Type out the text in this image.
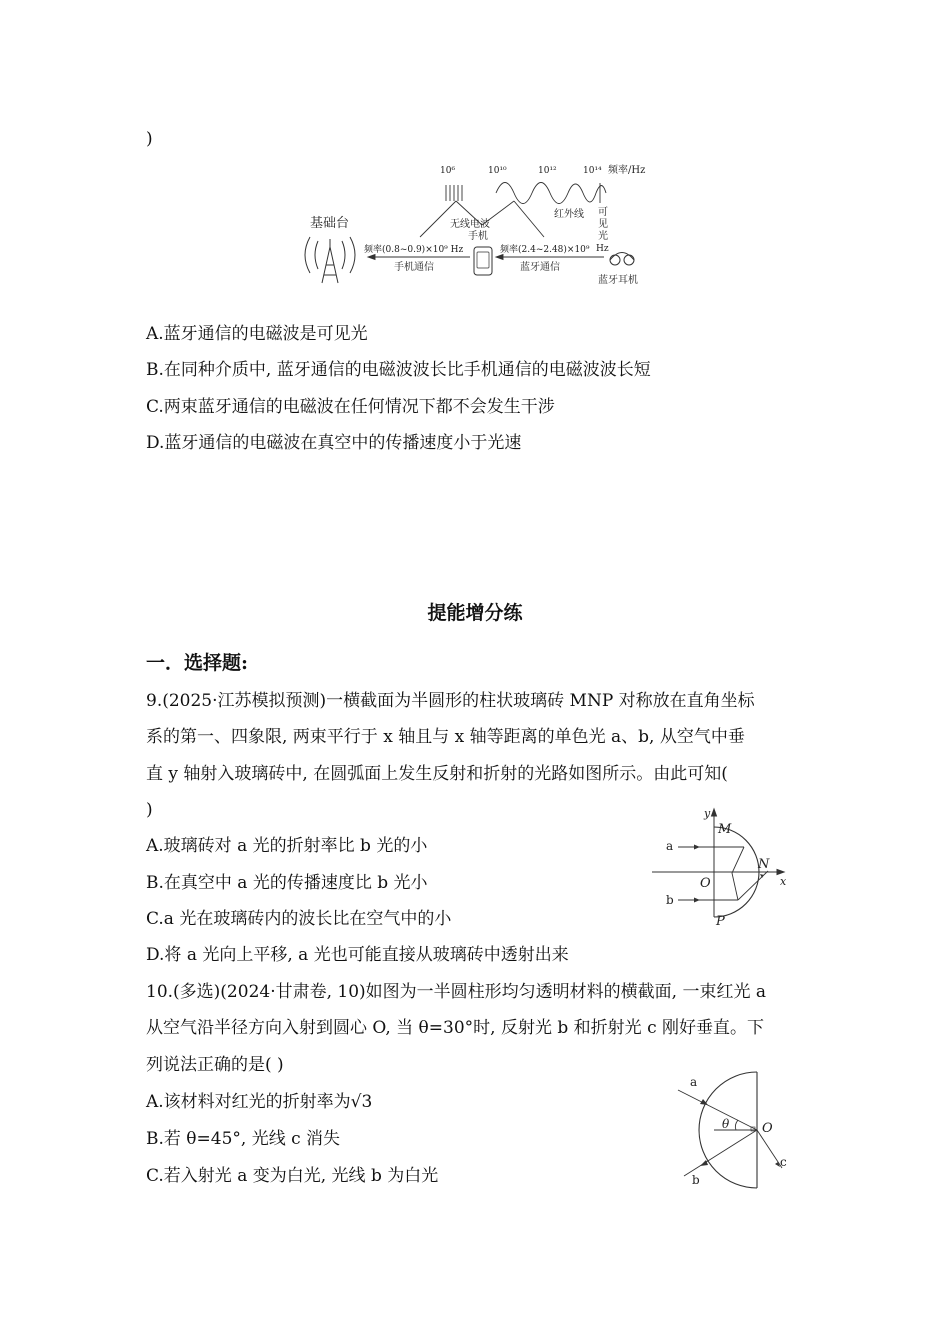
)
10⁶	10¹⁰	10¹²	10¹⁴ 频率/Hz
红外线 可
见
光
Hz
无线电波
手机
基础台
频率(0.8~0.9)×10⁹ Hz	频率(2.4~2.48)×10⁹
手机通信	蓝牙通信
蓝牙耳机
A.蓝牙通信的电磁波是可见光
B.在同种介质中, 蓝牙通信的电磁波波长比手机通信的电磁波波长短
C.两束蓝牙通信的电磁波在任何情况下都不会发生干涉
D.蓝牙通信的电磁波在真空中的传播速度小于光速
提能增分练
一．选择题:
9.(2025·江苏模拟预测)一横截面为半圆形的柱状玻璃砖 MNP 对称放在直角坐标
系的第一、四象限, 两束平行于 x 轴且与 x 轴等距离的单色光 a、b, 从空气中垂
直 y 轴射入玻璃砖中, 在圆弧面上发生反射和折射的光路如图所示。由此可知(
)
A.玻璃砖对 a 光的折射率比 b 光的小
B.在真空中 a 光的传播速度比 b 光小
C.a 光在玻璃砖内的波长比在空气中的小
D.将 a 光向上平移, a 光也可能直接从玻璃砖中透射出来
y
x
M
N
O
P
a
b
10.(多选)(2024·甘肃卷, 10)如图为一半圆柱形均匀透明材料的横截面, 一束红光 a
从空气沿半径方向入射到圆心 O, 当 θ=30°时, 反射光 b 和折射光 c 刚好垂直。下
列说法正确的是( )
A.该材料对红光的折射率为√3
B.若 θ=45°, 光线 c 消失
C.若入射光 a 变为白光, 光线 b 为白光
a
b
c
O
θ
